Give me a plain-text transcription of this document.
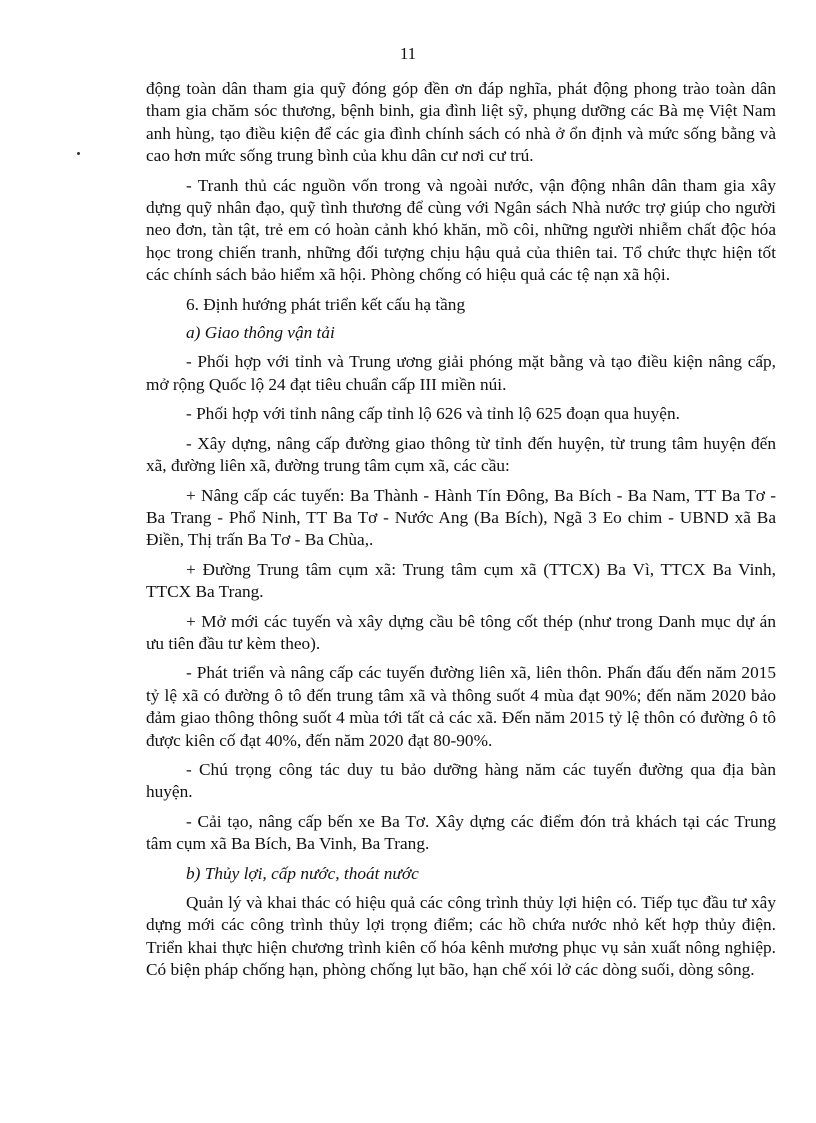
11

động toàn dân tham gia quỹ đóng góp đền ơn đáp nghĩa, phát động phong trào toàn dân tham gia chăm sóc thương, bệnh binh, gia đình liệt sỹ, phụng dưỡng các Bà mẹ Việt Nam anh hùng, tạo điều kiện để các gia đình chính sách có nhà ở ổn định và mức sống bằng và cao hơn mức sống trung bình của khu dân cư nơi cư trú.

- Tranh thủ các nguồn vốn trong và ngoài nước, vận động nhân dân tham gia xây dựng quỹ nhân đạo, quỹ tình thương để cùng với Ngân sách Nhà nước trợ giúp cho người neo đơn, tàn tật, trẻ em có hoàn cảnh khó khăn, mồ côi, những người nhiễm chất độc hóa học trong chiến tranh, những đối tượng chịu hậu quả của thiên tai. Tổ chức thực hiện tốt các chính sách bảo hiểm xã hội. Phòng chống có hiệu quả các tệ nạn xã hội.

6. Định hướng phát triển kết cấu hạ tầng

a) Giao thông vận tải

- Phối hợp với tỉnh và Trung ương giải phóng mặt bằng và tạo điều kiện nâng cấp, mở rộng Quốc lộ 24 đạt tiêu chuẩn cấp III miền núi.

- Phối hợp với tỉnh nâng cấp tỉnh lộ 626 và tỉnh lộ 625 đoạn qua huyện.

- Xây dựng, nâng cấp đường giao thông từ tỉnh đến huyện, từ trung tâm huyện đến xã, đường liên xã, đường trung tâm cụm xã, các cầu:

+ Nâng cấp các tuyến: Ba Thành - Hành Tín Đông, Ba Bích - Ba Nam, TT Ba Tơ - Ba Trang - Phổ Ninh, TT Ba Tơ - Nước Ang (Ba Bích), Ngã 3 Eo chim - UBND xã Ba Điền, Thị trấn Ba Tơ - Ba Chùa,.

+ Đường Trung tâm cụm xã: Trung tâm cụm xã (TTCX) Ba Vì, TTCX Ba Vinh, TTCX Ba Trang.

+ Mở mới các tuyến và xây dựng cầu bê tông cốt thép (như trong Danh mục dự án ưu tiên đầu tư kèm theo).

- Phát triển và nâng cấp các tuyến đường liên xã, liên thôn. Phấn đấu đến năm 2015 tỷ lệ xã có đường ô tô đến trung tâm xã và thông suốt 4 mùa đạt 90%; đến năm 2020 bảo đảm giao thông thông suốt 4 mùa tới tất cả các xã. Đến năm 2015 tỷ lệ thôn có đường ô tô được kiên cố đạt 40%, đến năm 2020 đạt 80-90%.

- Chú trọng công tác duy tu bảo dưỡng hàng năm các tuyến đường qua địa bàn huyện.

- Cải tạo, nâng cấp bến xe Ba Tơ. Xây dựng các điểm đón trả khách tại các Trung tâm cụm xã Ba Bích, Ba Vinh, Ba Trang.

b) Thủy lợi, cấp nước, thoát nước

Quản lý và khai thác có hiệu quả các công trình thủy lợi hiện có. Tiếp tục đầu tư xây dựng mới các công trình thủy lợi trọng điểm; các hồ chứa nước nhỏ kết hợp thủy điện. Triển khai thực hiện chương trình kiên cố hóa kênh mương phục vụ sản xuất nông nghiệp. Có biện pháp chống hạn, phòng chống lụt bão, hạn chế xói lở các dòng suối, dòng sông.
